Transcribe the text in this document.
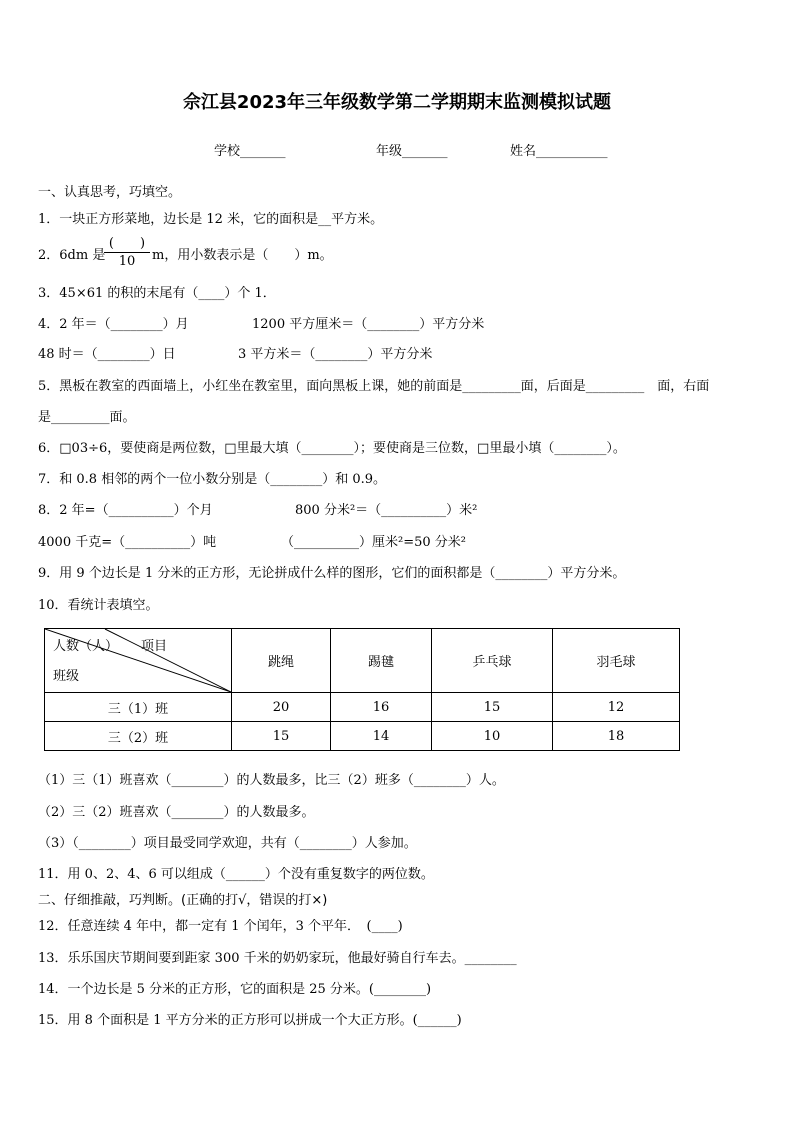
佘江县2023年三年级数学第二学期期末监测模拟试题
学校_______	年级_______	姓名___________
一、认真思考，巧填空。
1．一块正方形菜地，边长是 12 米，它的面积是__平方米。
2．6dm 是	m，用小数表示是（　　）m。
3．45×61 的积的末尾有（____）个 1．
4．2 年＝（________）月	1200 平方厘米＝（________）平方分米
48 时＝（________）日	3 平方米＝（________）平方分米
5．黑板在教室的西面墙上，小红坐在教室里，面向黑板上课，她的前面是_________面，后面是_________　面，右面
是_________面。
6．□03÷6，要使商是两位数，□里最大填（________）；要使商是三位数，□里最小填（________）。
7．和 0.8 相邻的两个一位小数分别是（________）和 0.9。
8．2 年=（__________）个月	800 分米²＝（__________）米²
4000 千克=（__________）吨	（__________）厘米²=50 分米²
9．用 9 个边长是 1 分米的正方形，无论拼成什么样的图形，它们的面积都是（________）平方分米。
10．看统计表填空。
（1）三（1）班喜欢（________）的人数最多，比三（2）班多（________）人。
（2）三（2）班喜欢（________）的人数最多。
（3）（________）项目最受同学欢迎，共有（________）人参加。
11．用 0、2、4、6 可以组成（______）个没有重复数字的两位数。
二、仔细推敲，巧判断。(正确的打√，错误的打×)
12．任意连续 4 年中，都一定有 1 个闰年，3 个平年．　(____)
13．乐乐国庆节期间要到距家 300 千米的奶奶家玩，他最好骑自行车去。________
14．一个边长是 5 分米的正方形，它的面积是 25 分米。(________)
15．用 8 个面积是 1 平方分米的正方形可以拼成一个大正方形。(______)
(　　)
10
人数（人） 项目
班级	跳绳	踢毽	乒乓球	羽毛球
三（1）班	20	16	15	12
三（2）班	15	14	10	18
